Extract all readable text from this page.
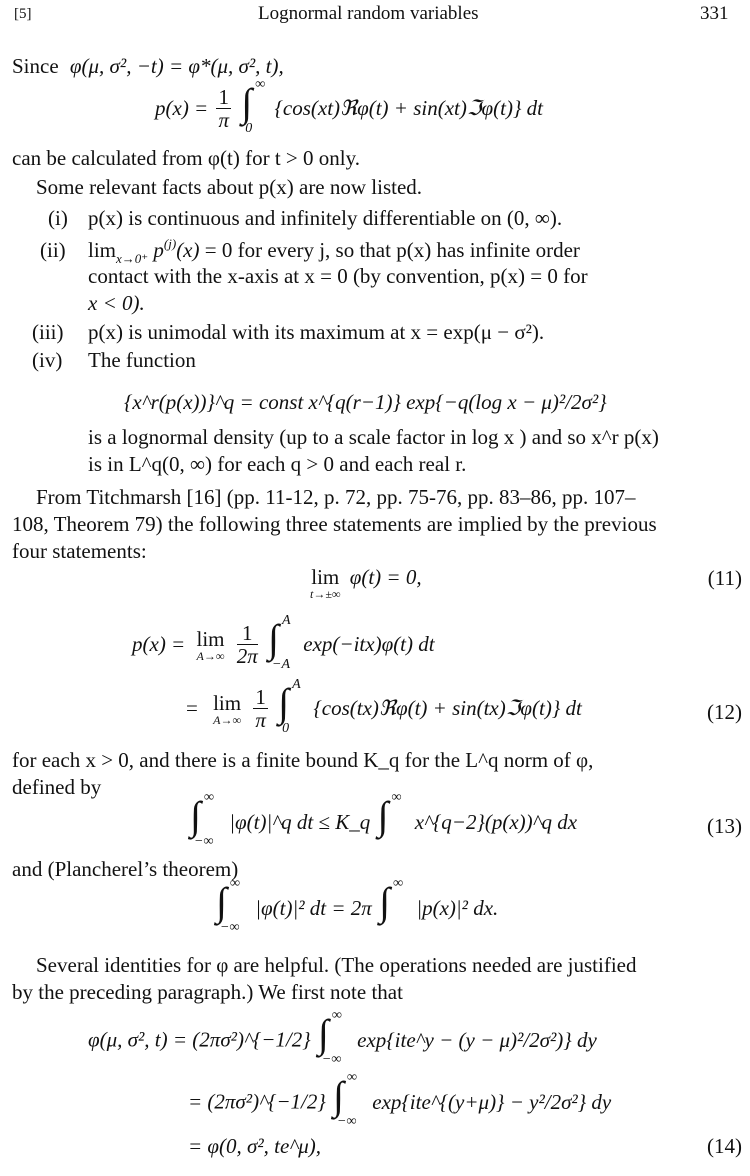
[5]	Lognormal random variables	331
Since φ(μ, σ², −t) = φ*(μ, σ², t),
$p(x) = \frac{1}{\pi}$
∫ ∞
0
{cos(xt)ℜφ(t) + sin(xt)ℑφ(t)} dt
can be calculated from φ(t) for t > 0 only.
Some relevant facts about p(x) are now listed.
(i) p(x) is continuous and infinitely differentiable on (0, ∞).
(ii) $\lim_{x\to 0^+} p^{(j)}(x) = 0$ for every j, so that p(x) has infinite order
contact with the x-axis at x = 0 (by convention, p(x) = 0 for
x < 0).
(iii) p(x) is unimodal with its maximum at x = exp(μ − σ²).
(iv) The function
{x^r(p(x))}^q = const x^{q(r−1)} exp{−q(log x − μ)²/2σ²}
is a lognormal density (up to a scale factor in log x ) and so x^r p(x)
is in L^q(0, ∞) for each q > 0 and each real r.
From Titchmarsh [16] (pp. 11-12, p. 72, pp. 75-76, pp. 83–86, pp. 107–
108, Theorem 79) the following three statements are implied by the previous
four statements:
lim
t→±∞
φ(t) = 0,	(11)
p(x) = lim
A→∞
$\frac{1}{2\pi}$
∫ A
−A
exp(−itx)φ(t) dt
= lim
A→∞
$\frac{1}{\pi}$
∫ A
0
{cos(tx)ℜφ(t) + sin(tx)ℑφ(t)} dt	(12)
for each x > 0, and there is a finite bound K_q for the L^q norm of φ,
defined by
∫ ∞
−∞
|φ(t)|^q dt ≤ K_q ∫ ∞
x^{q−2}(p(x))^q dx	(13)
and (Plancherel’s theorem)
∫ ∞
−∞
|φ(t)|² dt = 2π ∫ ∞
|p(x)|² dx.
Several identities for φ are helpful. (The operations needed are justified
by the preceding paragraph.) We first note that
φ(μ, σ², t) = (2πσ²)^{−1/2} ∫ ∞
−∞
exp{ite^y − (y − μ)²/2σ²)} dy
= (2πσ²)^{−1/2} ∫ ∞
−∞
exp{ite^{(y+μ)} − y²/2σ²} dy
= φ(0, σ², te^μ),	(14)
